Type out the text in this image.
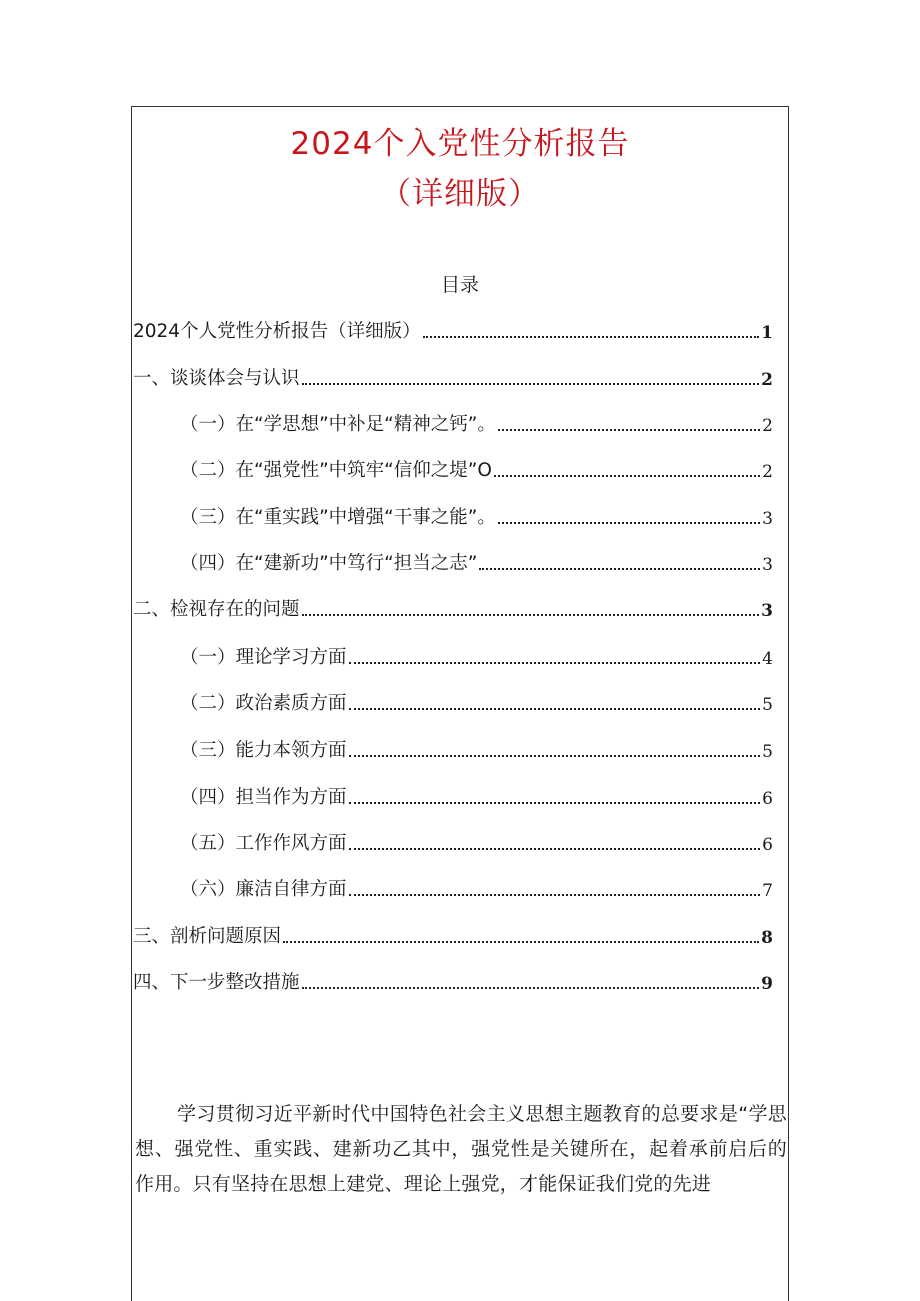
2024个入党性分析报告
（详细版）
目录
2024个人党性分析报告（详细版）	1
一、谈谈体会与认识	2
（一）在“学思想”中补足“精神之钙”。	2
（二）在“强党性”中筑牢“信仰之堤”O	2
（三）在“重实践”中增强“干事之能”。	3
（四）在“建新功”中笃行“担当之志”	3
二、检视存在的问题	3
（一）理论学习方面	4
（二）政治素质方面	5
（三）能力本领方面	5
（四）担当作为方面	6
（五）工作作风方面	6
（六）廉洁自律方面	7
三、剖析问题原因	8
四、下一步整改措施	9
学习贯彻习近平新时代中国特色社会主义思想主题教育的总要求是“学思想、强党性、重实践、建新功乙其中，强党性是关键所在，起着承前启后的作用。只有坚持在思想上建党、理论上强党，才能保证我们党的先进
